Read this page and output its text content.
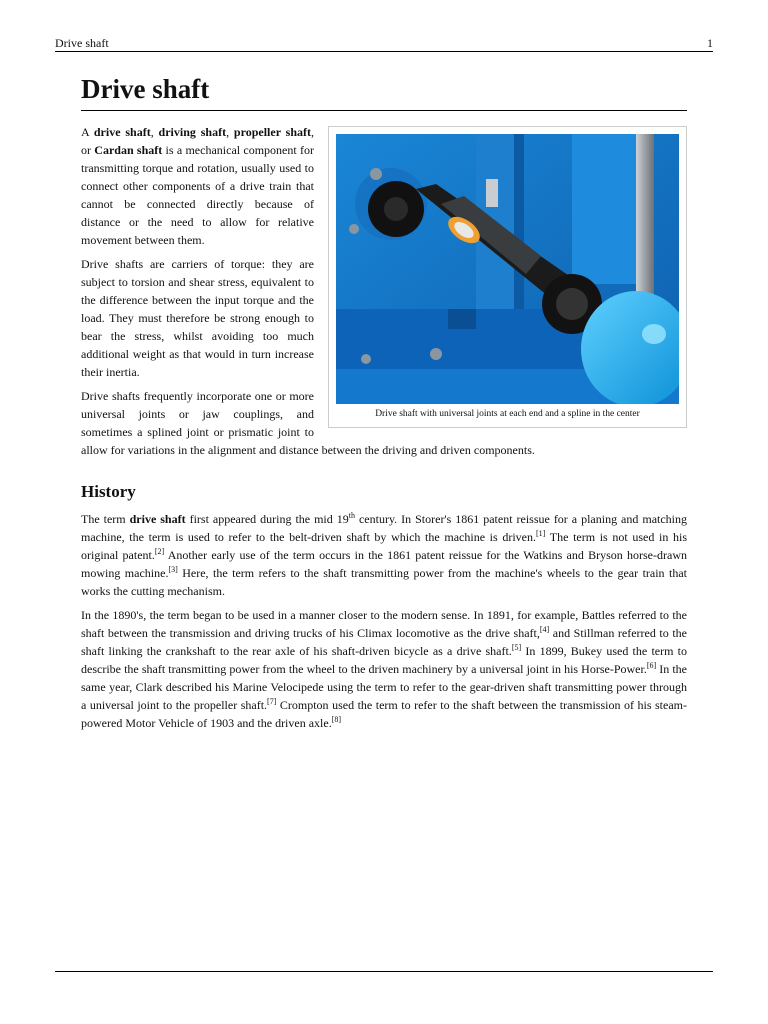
Drive shaft	1
Drive shaft
Drive shaft with universal joints at each end and a spline in the center

A drive shaft, driving shaft, propeller shaft, or Cardan shaft is a mechanical component for transmitting torque and rotation, usually used to connect other components of a drive train that cannot be connected directly because of distance or the need to allow for relative movement between them.

Drive shafts are carriers of torque: they are subject to torsion and shear stress, equivalent to the difference between the input torque and the load. They must therefore be strong enough to bear the stress, whilst avoiding too much additional weight as that would in turn increase their inertia.

Drive shafts frequently incorporate one or more universal joints or jaw couplings, and sometimes a splined joint or prismatic joint to allow for variations in the alignment and distance between the driving and driven components.

History

The term drive shaft first appeared during the mid 19th century. In Storer's 1861 patent reissue for a planing and matching machine, the term is used to refer to the belt-driven shaft by which the machine is driven.[1] The term is not used in his original patent.[2] Another early use of the term occurs in the 1861 patent reissue for the Watkins and Bryson horse-drawn mowing machine.[3] Here, the term refers to the shaft transmitting power from the machine's wheels to the gear train that works the cutting mechanism.

In the 1890's, the term began to be used in a manner closer to the modern sense. In 1891, for example, Battles referred to the shaft between the transmission and driving trucks of his Climax locomotive as the drive shaft,[4] and Stillman referred to the shaft linking the crankshaft to the rear axle of his shaft-driven bicycle as a drive shaft.[5] In 1899, Bukey used the term to describe the shaft transmitting power from the wheel to the driven machinery by a universal joint in his Horse-Power.[6] In the same year, Clark described his Marine Velocipede using the term to refer to the gear-driven shaft transmitting power through a universal joint to the propeller shaft.[7] Crompton used the term to refer to the shaft between the transmission of his steam-powered Motor Vehicle of 1903 and the driven axle.[8]
